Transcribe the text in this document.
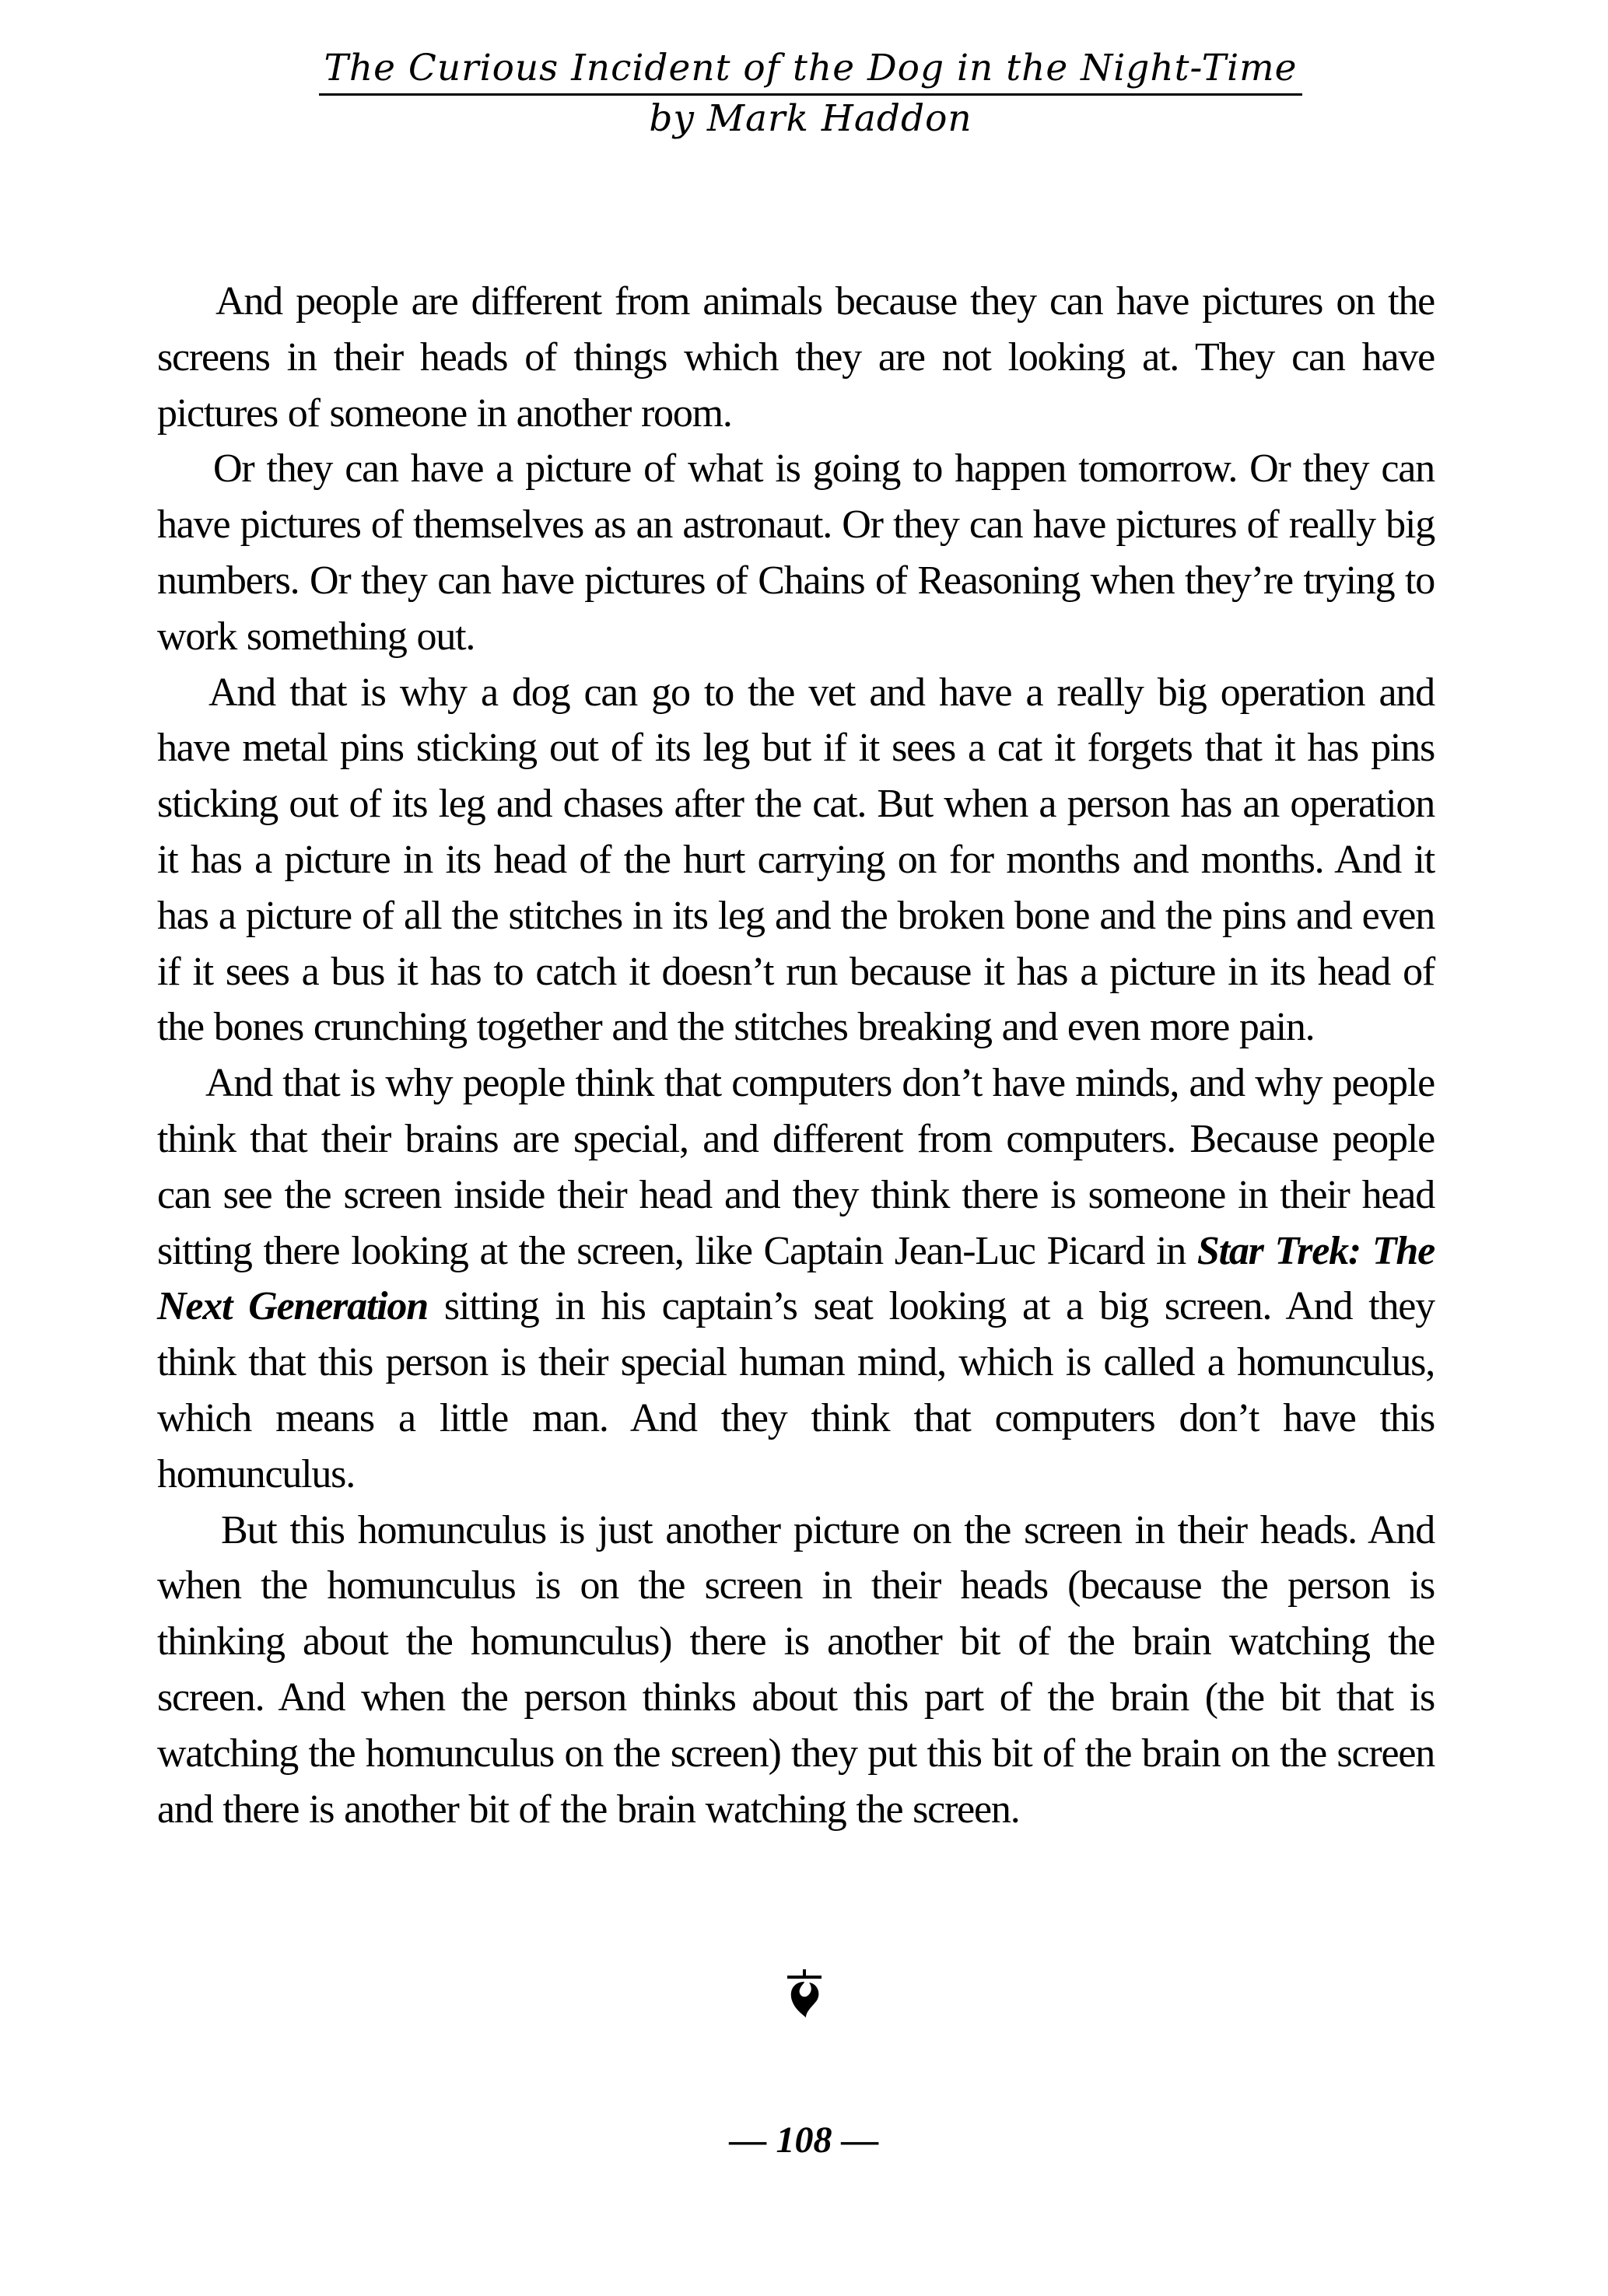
The Curious Incident of the Dog in the Night-Time
by Mark Haddon

And people are different from animals because they can have pictures on the screens in their heads of things which they are not looking at. They can have pictures of someone in another room.

Or they can have a picture of what is going to happen tomorrow. Or they can have pictures of themselves as an astronaut. Or they can have pictures of really big numbers. Or they can have pictures of Chains of Reasoning when they’re trying to work something out.

And that is why a dog can go to the vet and have a really big operation and have metal pins sticking out of its leg but if it sees a cat it forgets that it has pins sticking out of its leg and chases after the cat. But when a person has an operation it has a picture in its head of the hurt carrying on for months and months. And it has a picture of all the stitches in its leg and the broken bone and the pins and even if it sees a bus it has to catch it doesn’t run because it has a picture in its head of the bones crunching together and the stitches breaking and even more pain.

And that is why people think that computers don’t have minds, and why people think that their brains are special, and different from computers. Because people can see the screen inside their head and they think there is someone in their head sitting there looking at the screen, like Captain Jean-Luc Picard in Star Trek: The Next Generation sitting in his captain’s seat looking at a big screen. And they think that this person is their special human mind, which is called a homunculus, which means a little man. And they think that computers don’t have this homunculus.

But this homunculus is just another picture on the screen in their heads. And when the homunculus is on the screen in their heads (because the person is thinking about the homunculus) there is another bit of the brain watching the screen. And when the person thinks about this part of the brain (the bit that is watching the homunculus on the screen) they put this bit of the brain on the screen and there is another bit of the brain watching the screen.

— 108 —
